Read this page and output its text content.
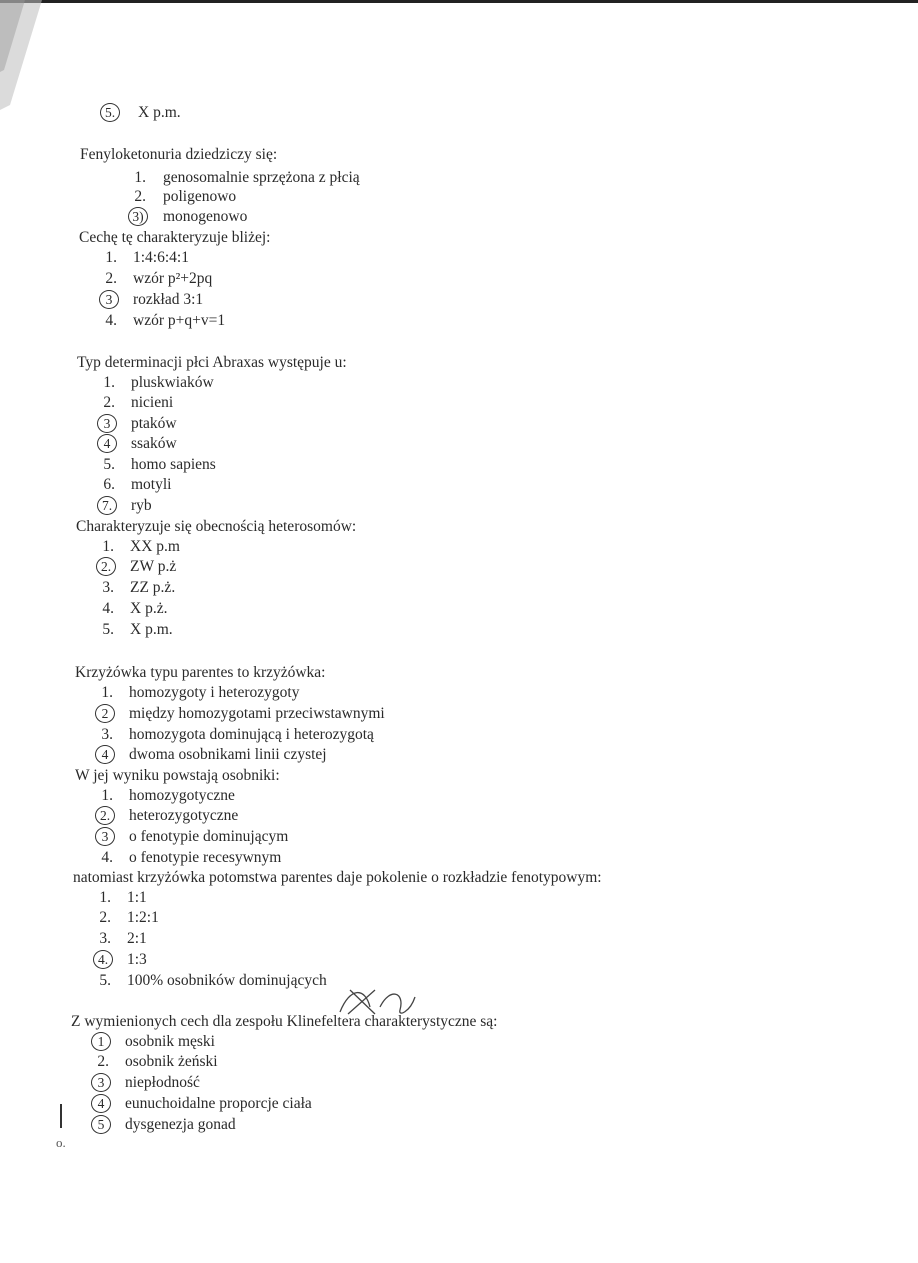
5.	X p.m.
Fenyloketonuria dziedziczy się:
1. genosomalnie sprzężona z płcią
2. poligenowo
3) monogenowo
Cechę tę charakteryzuje bliżej:
1. 1:4:6:4:1
2. wzór p²+2pq
3	rozkład 3:1
4. wzór p+q+v=1
Typ determinacji płci Abraxas występuje u:
1. pluskwiaków
2. nicieni
3	ptaków
4	ssaków
5. homo sapiens
6. motyli
7.	ryb
Charakteryzuje się obecnością heterosomów:
1. XX p.m
2.	ZW p.ż
3. ZZ p.ż.
4. X p.ż.
5. X p.m.
Krzyżówka typu parentes to krzyżówka:
1. homozygoty i heterozygoty
2	między homozygotami przeciwstawnymi
3. homozygota dominującą i heterozygotą
4	dwoma osobnikami linii czystej
W jej wyniku powstają osobniki:
1. homozygotyczne
2.	heterozygotyczne
3	o fenotypie dominującym
4. o fenotypie recesywnym
natomiast krzyżówka potomstwa parentes daje pokolenie o rozkładzie fenotypowym:
1. 1:1
2. 1:2:1
3. 2:1
4.	1:3
5. 100% osobników dominujących
Z wymienionych cech dla zespołu Klinefeltera charakterystyczne są:
1	osobnik męski
2. osobnik żeński
3	niepłodność
4	eunuchoidalne proporcje ciała
5	dysgenezja gonad
o.
